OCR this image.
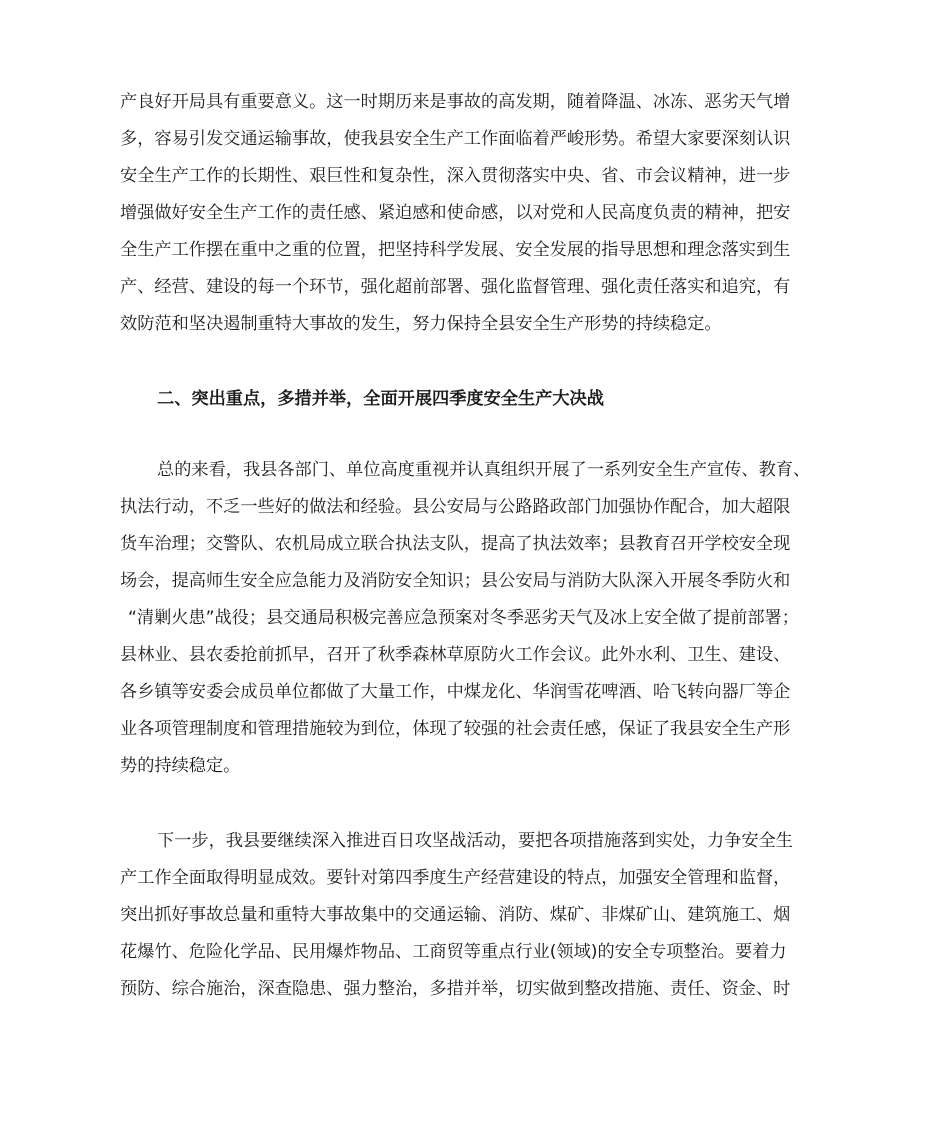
产良好开局具有重要意义。这一时期历来是事故的高发期，随着降温、冰冻、恶劣天气增
多，容易引发交通运输事故，使我县安全生产工作面临着严峻形势。希望大家要深刻认识
安全生产工作的长期性、艰巨性和复杂性，深入贯彻落实中央、省、市会议精神，进一步
增强做好安全生产工作的责任感、紧迫感和使命感，以对党和人民高度负责的精神，把安
全生产工作摆在重中之重的位置，把坚持科学发展、安全发展的指导思想和理念落实到生
产、经营、建设的每一个环节，强化超前部署、强化监督管理、强化责任落实和追究，有
效防范和坚决遏制重特大事故的发生，努力保持全县安全生产形势的持续稳定。
二、突出重点，多措并举，全面开展四季度安全生产大决战
总的来看，我县各部门、单位高度重视并认真组织开展了一系列安全生产宣传、教育、
执法行动，不乏一些好的做法和经验。县公安局与公路路政部门加强协作配合，加大超限
货车治理；交警队、农机局成立联合执法支队，提高了执法效率；县教育召开学校安全现
场会，提高师生安全应急能力及消防安全知识；县公安局与消防大队深入开展冬季防火和
“清剿火患”战役；县交通局积极完善应急预案对冬季恶劣天气及冰上安全做了提前部署；
县林业、县农委抢前抓早，召开了秋季森林草原防火工作会议。此外水利、卫生、建设、
各乡镇等安委会成员单位都做了大量工作，中煤龙化、华润雪花啤酒、哈飞转向器厂等企
业各项管理制度和管理措施较为到位，体现了较强的社会责任感，保证了我县安全生产形
势的持续稳定。
下一步，我县要继续深入推进百日攻坚战活动，要把各项措施落到实处，力争安全生
产工作全面取得明显成效。要针对第四季度生产经营建设的特点，加强安全管理和监督，
突出抓好事故总量和重特大事故集中的交通运输、消防、煤矿、非煤矿山、建筑施工、烟
花爆竹、危险化学品、民用爆炸物品、工商贸等重点行业(领域)的安全专项整治。要着力
预防、综合施治，深查隐患、强力整治，多措并举，切实做到整改措施、责任、资金、时
